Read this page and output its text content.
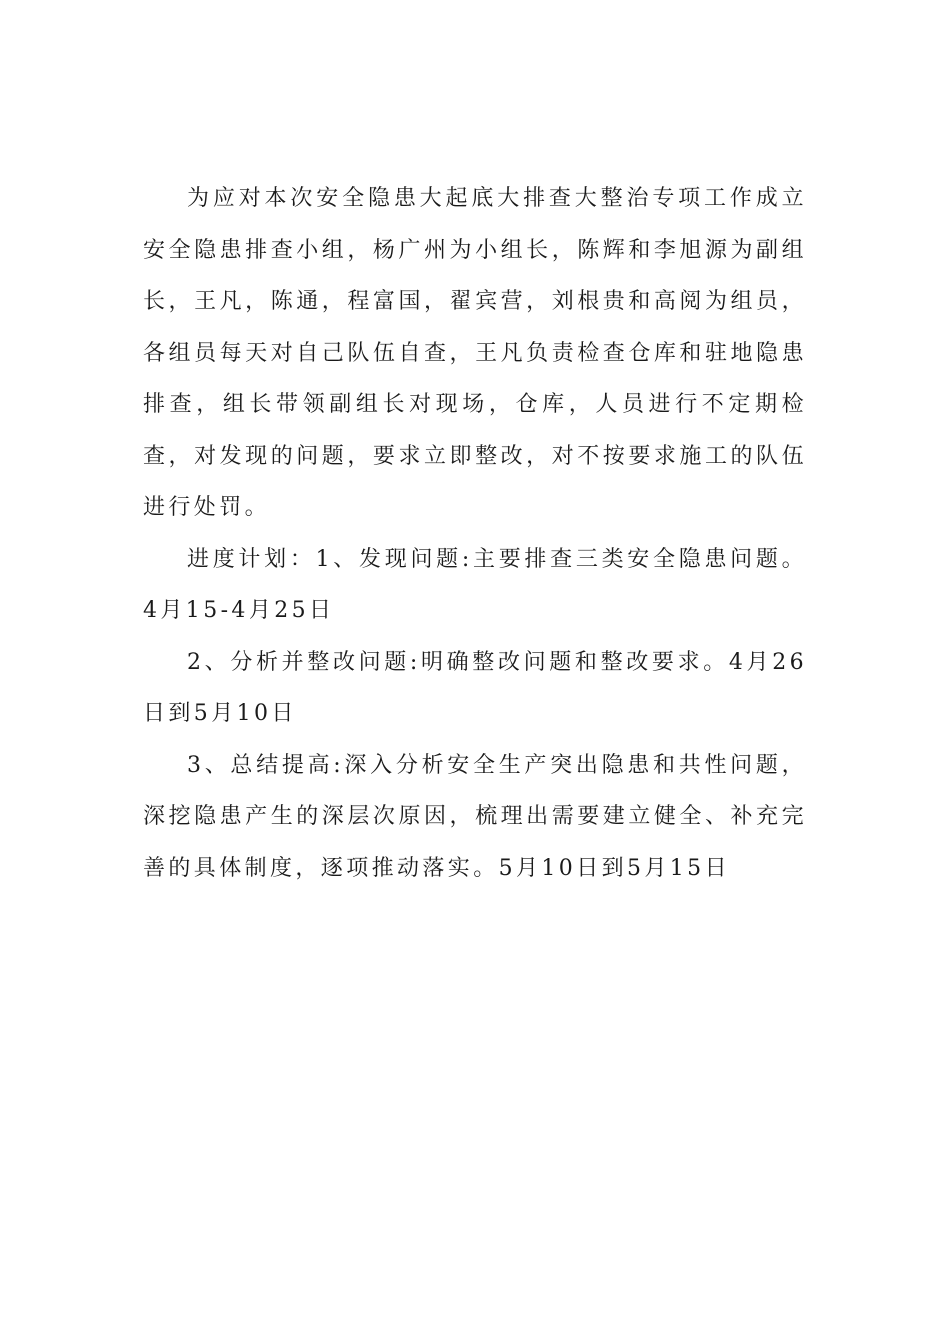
为应对本次安全隐患大起底大排查大整治专项工作成立安全隐患排查小组，杨广州为小组长，陈辉和李旭源为副组长，王凡，陈通，程富国，翟宾营，刘根贵和高阅为组员，各组员每天对自己队伍自查，王凡负责检查仓库和驻地隐患排查，组长带领副组长对现场，仓库，人员进行不定期检查，对发现的问题，要求立即整改，对不按要求施工的队伍进行处罚。

进度计划：1、发现问题:主要排查三类安全隐患问题。4月15-4月25日

2、分析并整改问题:明确整改问题和整改要求。4月26日到5月10日

3、总结提高:深入分析安全生产突出隐患和共性问题，深挖隐患产生的深层次原因，梳理出需要建立健全、补充完善的具体制度，逐项推动落实。5月10日到5月15日
